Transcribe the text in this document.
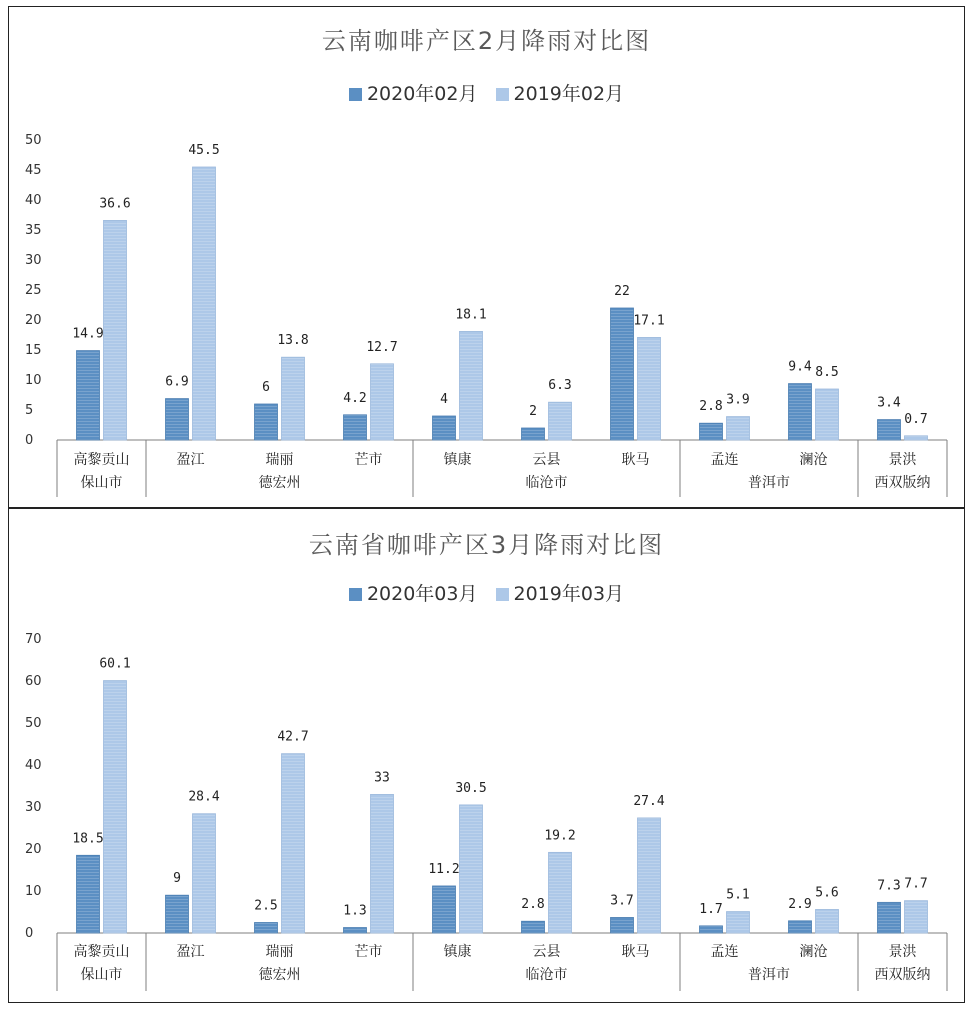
云南咖啡产区2月降雨对比图
2020年02月 2019年02月
0
5
10
15
20
25
30
35
40
45
50
保山市	德宏州	临沧市	普洱市	西双版纳
高黎贡山
14.9
36.6
盈江
6.9
45.5
瑞丽
6
13.8
芒市
4.2
12.7
镇康
4
18.1
云县
2
6.3
耿马
22
17.1
孟连
2.8 3.9
澜沧
9.4 8.5
景洪
3.4
0.7
云南省咖啡产区3月降雨对比图
2020年03月 2019年03月
0
10
20
30
40
50
60
70
保山市	德宏州	临沧市	普洱市	西双版纳
高黎贡山
18.5
60.1
盈江
9
28.4
瑞丽
2.5
42.7
芒市
1.3
33
镇康
11.2
30.5
云县
2.8
19.2
耿马
3.7
27.4
孟连
1.7
5.1
澜沧
2.9
5.6
景洪
7.3 7.7
